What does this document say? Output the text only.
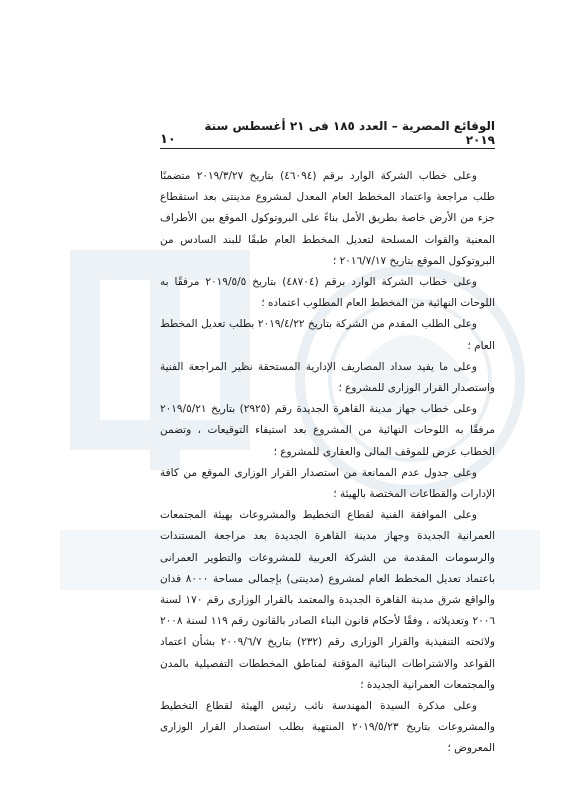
الوقائع المصرية – العدد ١٨٥ فى ٢١ أغسطس سنة ٢٠١٩
١٠

وعلى خطاب الشركة الوارد برقم (٤٦٠٩٤) بتاريخ ٢٠١٩/٣/٢٧ متضمنًا طلب مراجعة واعتماد المخطط العام المعدل لمشروع مدينتى بعد استقطاع جزء من الأرض خاصة بطريق الأمل بناءً على البروتوكول الموقع بين الأطراف المعنية والقوات المسلحة لتعديل المخطط العام طبقًا للبند السادس من البروتوكول الموقع بتاريخ ٢٠١٦/٧/١٧ ؛

وعلى خطاب الشركة الوارد برقم (٤٨٧٠٤) بتاريخ ٢٠١٩/٥/٥ مرفقًا به اللوحات النهائية من المخطط العام المطلوب اعتماده ؛

وعلى الطلب المقدم من الشركة بتاريخ ٢٠١٩/٤/٢٢ بطلب تعديل المخطط العام ؛

وعلى ما يفيد سداد المصاريف الإدارية المستحقة نظير المراجعة الفنية واستصدار القرار الوزارى للمشروع ؛

وعلى خطاب جهاز مدينة القاهرة الجديدة رقم (٢٩٢٥) بتاريخ ٢٠١٩/٥/٢١ مرفقًا به اللوحات النهائية من المشروع بعد استيفاء التوقيعات ، وتضمن الخطاب عرض للموقف المالى والعقارى للمشروع ؛

وعلى جدول عدم الممانعة من استصدار القرار الوزارى الموقع من كافة الإدارات والقطاعات المختصة بالهيئة ؛

وعلى الموافقة الفنية لقطاع التخطيط والمشروعات بهيئة المجتمعات العمرانية الجديدة وجهاز مدينة القاهرة الجديدة بعد مراجعة المستندات والرسومات المقدمة من الشركة العربية للمشروعات والتطوير العمرانى باعتماد تعديل المخطط العام لمشروع (مدينتى) بإجمالى مساحة ٨٠٠٠ فدان والواقع شرق مدينة القاهرة الجديدة والمعتمد بالقرار الوزارى رقم ١٧٠ لسنة ٢٠٠٦ وتعديلاته ، وفقًا لأحكام قانون البناء الصادر بالقانون رقم ١١٩ لسنة ٢٠٠٨ ولائحته التنفيذية والقرار الوزارى رقم (٢٣٢) بتاريخ ٢٠٠٩/٦/٧ بشأن اعتماد القواعد والاشتراطات البنائية المؤقتة لمناطق المخططات التفصيلية بالمدن والمجتمعات العمرانية الجديدة ؛

وعلى مذكرة السيدة المهندسة نائب رئيس الهيئة لقطاع التخطيط والمشروعات بتاريخ ٢٠١٩/٥/٢٣ المنتهية بطلب استصدار القرار الوزارى المعروض ؛
